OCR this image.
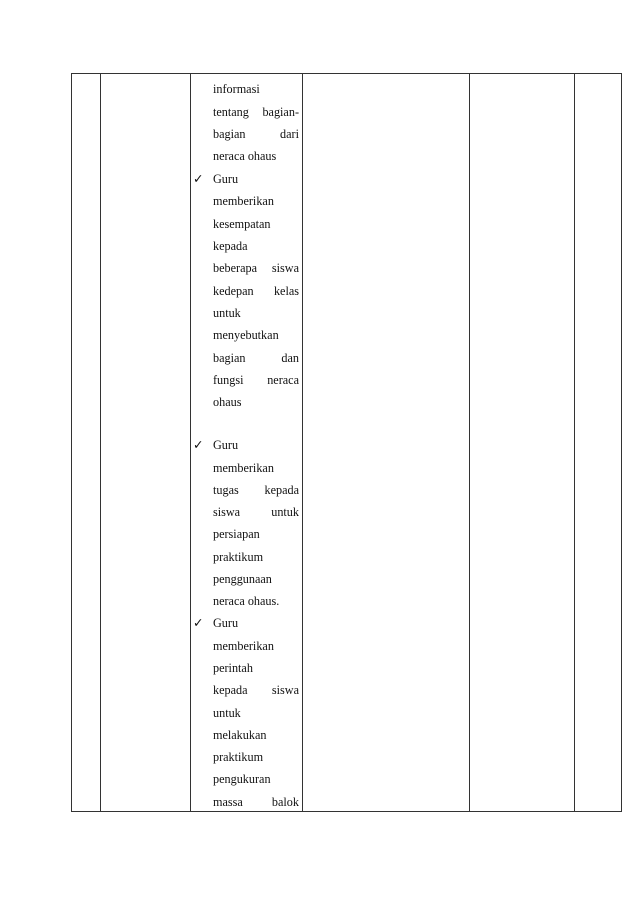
informasi
tentang bagian-
bagian	dari
neraca ohaus
✓ Guru
memberikan
kesempatan
kepada
beberapa siswa
kedepan kelas
untuk
menyebutkan
bagian	dan
fungsi neraca
ohaus
✓ Guru
memberikan
tugas kepada
siswa	untuk
persiapan
praktikum
penggunaan
neraca ohaus.
✓ Guru
memberikan
perintah
kepada siswa
untuk
melakukan
praktikum
pengukuran
massa balok
